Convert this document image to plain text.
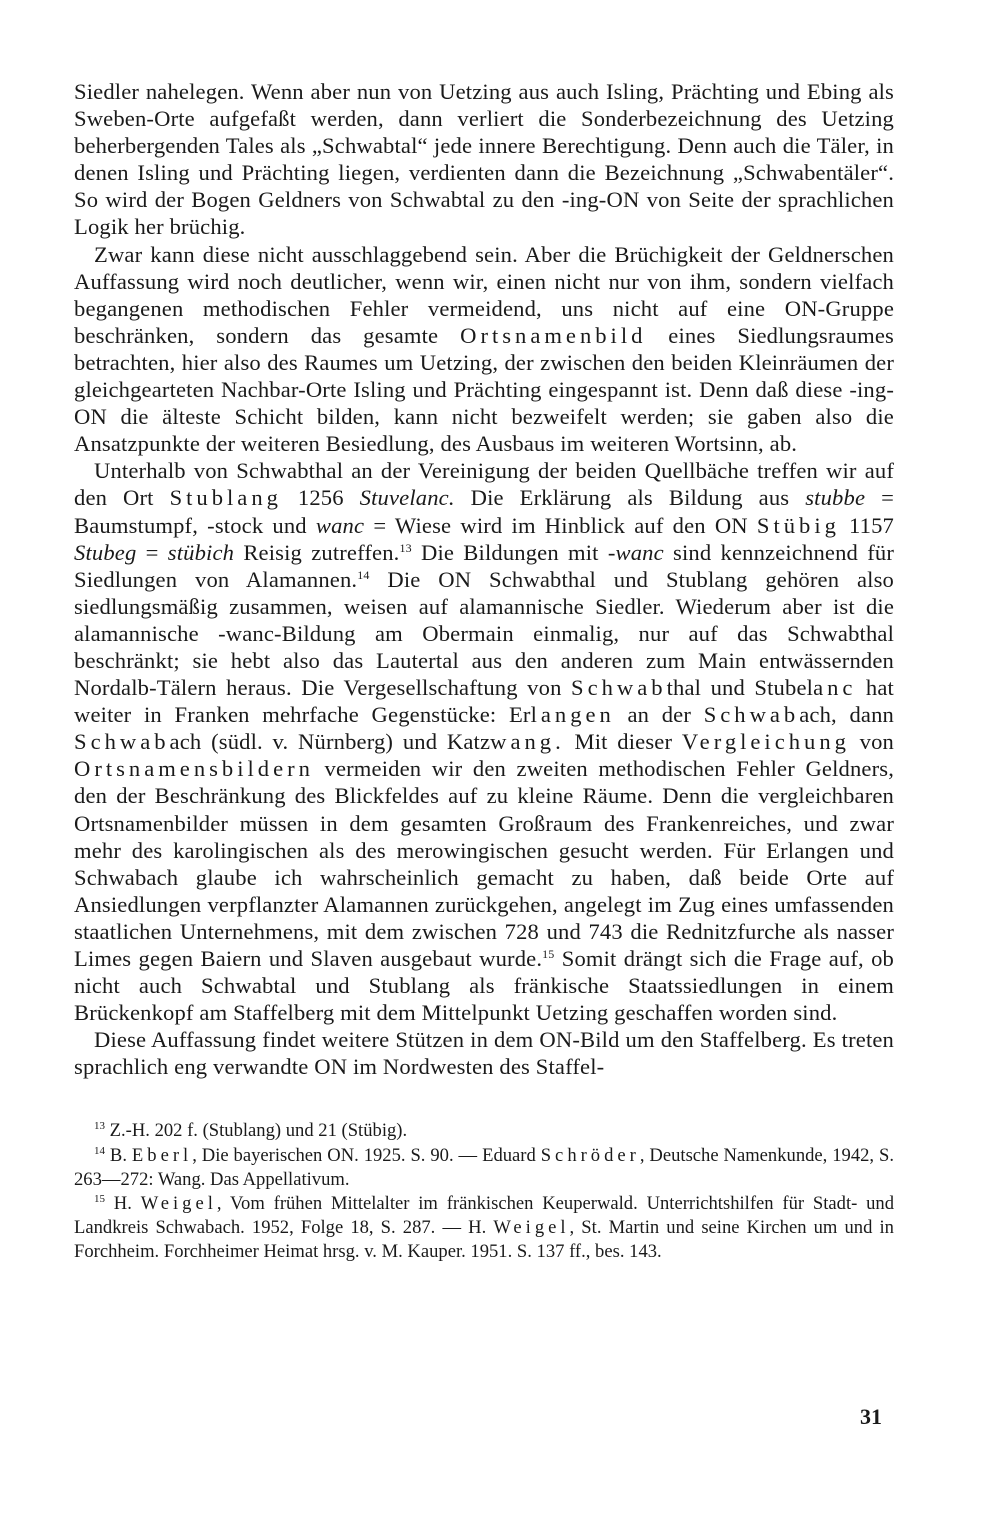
Siedler nahelegen. Wenn aber nun von Uetzing aus auch Isling, Prächting und Ebing als Sweben-Orte aufgefaßt werden, dann verliert die Sonderbezeichnung des Uetzing beherbergenden Tales als „Schwabtal“ jede innere Berechtigung. Denn auch die Täler, in denen Isling und Prächting liegen, verdienten dann die Bezeichnung „Schwabentäler“. So wird der Bogen Geldners von Schwabtal zu den -ing-ON von Seite der sprachlichen Logik her brüchig.

Zwar kann diese nicht ausschlaggebend sein. Aber die Brüchigkeit der Geldnerschen Auffassung wird noch deutlicher, wenn wir, einen nicht nur von ihm, sondern vielfach begangenen methodischen Fehler vermeidend, uns nicht auf eine ON-Gruppe beschränken, sondern das gesamte Ortsnamenbild eines Siedlungsraumes betrachten, hier also des Raumes um Uetzing, der zwischen den beiden Kleinräumen der gleichgearteten Nachbar-Orte Isling und Prächting eingespannt ist. Denn daß diese -ing-ON die älteste Schicht bilden, kann nicht bezweifelt werden; sie gaben also die Ansatzpunkte der weiteren Besiedlung, des Ausbaus im weiteren Wortsinn, ab.

Unterhalb von Schwabthal an der Vereinigung der beiden Quellbäche treffen wir auf den Ort Stublang 1256 Stuvelanc. Die Erklärung als Bildung aus stubbe = Baumstumpf, -stock und wanc = Wiese wird im Hinblick auf den ON Stübig 1157 Stubeg = stübich Reisig zutreffen.$^{13}$ Die Bildungen mit -wanc sind kennzeichnend für Siedlungen von Alamannen.$^{14}$ Die ON Schwabthal und Stublang gehören also siedlungsmäßig zusammen, weisen auf alamannische Siedler. Wiederum aber ist die alamannische -wanc-Bildung am Obermain einmalig, nur auf das Schwabthal beschränkt; sie hebt also das Lautertal aus den anderen zum Main entwässernden Nordalb-Tälern heraus. Die Vergesellschaftung von Schwabthal und Stubelanc hat weiter in Franken mehrfache Gegenstücke: Erlangen an der Schwabach, dann Schwabach (südl. v. Nürnberg) und Katzwang. Mit dieser Vergleichung von Ortsnamensbildern vermeiden wir den zweiten methodischen Fehler Geldners, den der Beschränkung des Blickfeldes auf zu kleine Räume. Denn die vergleichbaren Ortsnamenbilder müssen in dem gesamten Großraum des Frankenreiches, und zwar mehr des karolingischen als des merowingischen gesucht werden. Für Erlangen und Schwabach glaube ich wahrscheinlich gemacht zu haben, daß beide Orte auf Ansiedlungen verpflanzter Alamannen zurückgehen, angelegt im Zug eines umfassenden staatlichen Unternehmens, mit dem zwischen 728 und 743 die Rednitzfurche als nasser Limes gegen Baiern und Slaven ausgebaut wurde.$^{15}$ Somit drängt sich die Frage auf, ob nicht auch Schwabtal und Stublang als fränkische Staatssiedlungen in einem Brückenkopf am Staffelberg mit dem Mittelpunkt Uetzing geschaffen worden sind.

Diese Auffassung findet weitere Stützen in dem ON-Bild um den Staffelberg. Es treten sprachlich eng verwandte ON im Nordwesten des Staffel-

$^{13}$ Z.-H. 202 f. (Stublang) und 21 (Stübig).

$^{14}$ B. Eberl, Die bayerischen ON. 1925. S. 90. — Eduard Schröder, Deutsche Namenkunde, 1942, S. 263—272: Wang. Das Appellativum.

$^{15}$ H. Weigel, Vom frühen Mittelalter im fränkischen Keuperwald. Unterrichtshilfen für Stadt- und Landkreis Schwabach. 1952, Folge 18, S. 287. — H. Weigel, St. Martin und seine Kirchen um und in Forchheim. Forchheimer Heimat hrsg. v. M. Kauper. 1951. S. 137 ff., bes. 143.

31
